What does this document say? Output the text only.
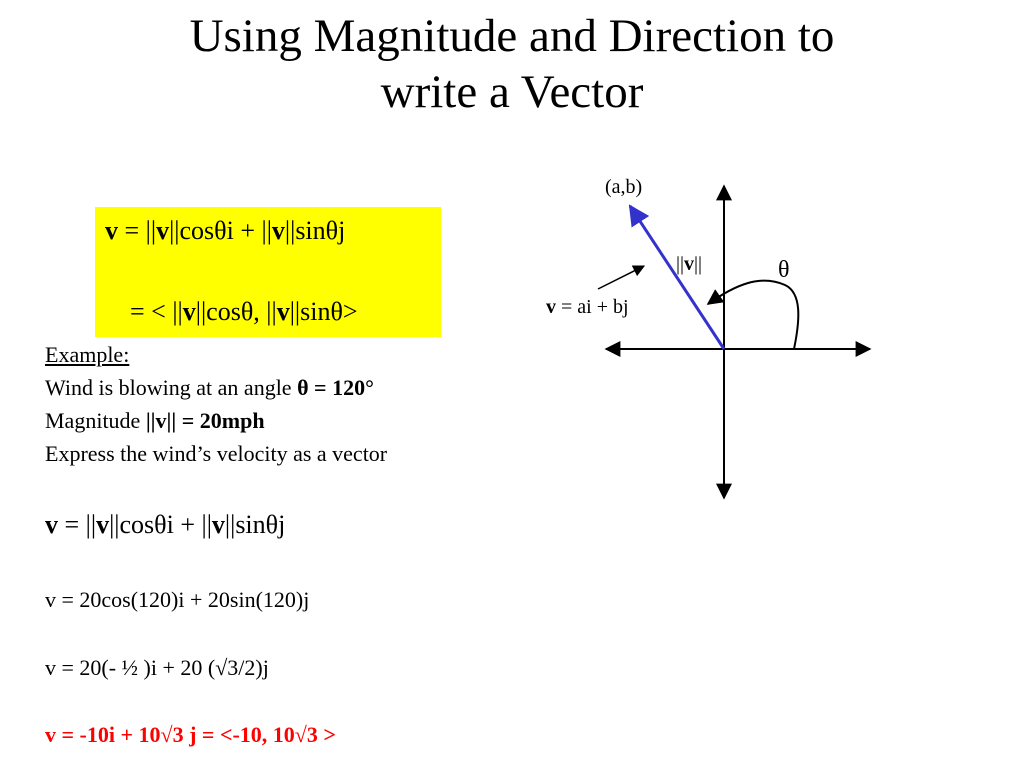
Using Magnitude and Direction to
write a Vector
v = ||v||cosθi + ||v||sinθj
= < ||v||cosθ, ||v||sinθ>
Example:
Wind is blowing at an angle θ = 120°
Magnitude ||v|| = 20mph
Express the wind’s velocity as a vector
v = ||v||cosθi + ||v||sinθj
v = 20cos(120)i + 20sin(120)j
v = 20(- ½ )i + 20 (√3/2)j
v = -10i + 10√3 j = <-10, 10√3 >
(a,b)
||v||	θ
v = ai + bj
